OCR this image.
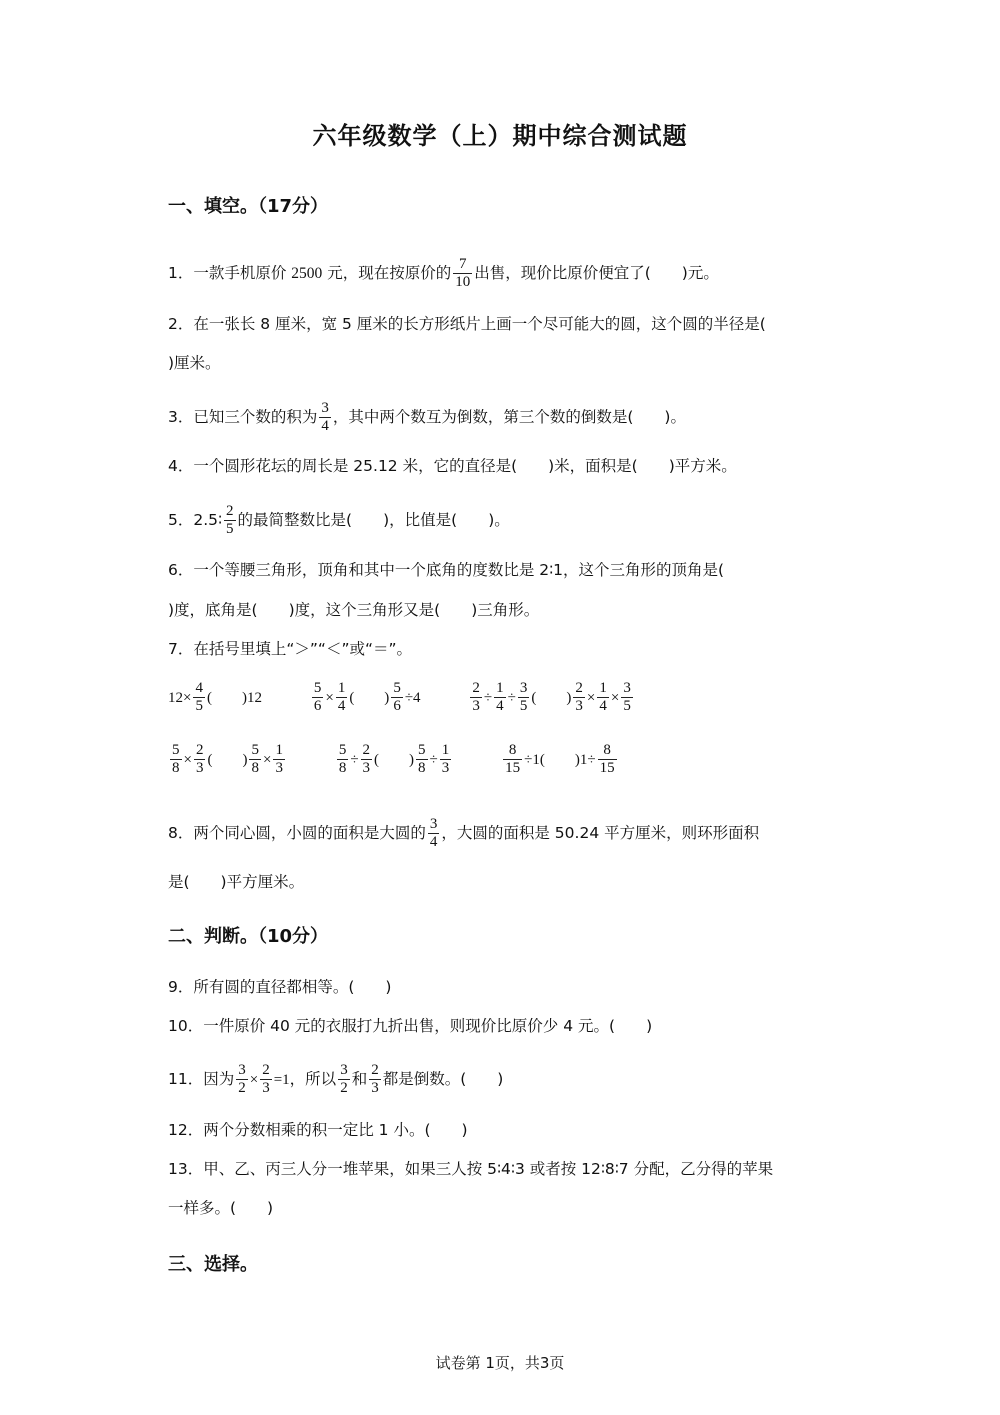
六年级数学（上）期中综合测试题
一、填空。（17分）
1．一款手机原价 2500 元，现在按原价的 $\frac{7}{10}$ 出售，现价比原价便宜了(　　)元。
2．在一张长 8 厘米，宽 5 厘米的长方形纸片上画一个尽可能大的圆，这个圆的半径是(
)厘米。
3．已知三个数的积为 $\frac{3}{4}$ ，其中两个数互为倒数，第三个数的倒数是(　　)。
4．一个圆形花坛的周长是 25.12 米，它的直径是(　　)米，面积是(　　)平方米。
5．2.5∶ $\frac{2}{5}$ 的最简整数比是(　　)，比值是(　　)。
6．一个等腰三角形，顶角和其中一个底角的度数比是 2∶1，这个三角形的顶角是(
)度，底角是(　　)度，这个三角形又是(　　)三角形。
7．在括号里填上“＞”“＜”或“＝”。
$12\times \frac{4}{5}$ (　　)12	$\frac{5}{6} \times \frac{1}{4}$ (　　) $\frac{5}{6} \div 4$	$\frac{2}{3} \div \frac{1}{4} \div \frac{3}{5}$ (　　) $\frac{2}{3} \times \frac{1}{4} \times \frac{3}{5}$
$\frac{5}{8} \times \frac{2}{3}$ (　　) $\frac{5}{8} \times \frac{1}{3}$
	$\frac{5}{8} \div \frac{2}{3}$ (　　) $\frac{5}{8} \div \frac{1}{3}$
	$\frac{8}{15} \div 1$(　　)$1\div \frac{8}{15}$
8．两个同心圆，小圆的面积是大圆的 $\frac{3}{4}$ ，大圆的面积是 50.24 平方厘米，则环形面积
是(　　)平方厘米。
二、判断。（10分）
9．所有圆的直径都相等。(　　)
10．一件原价 40 元的衣服打九折出售，则现价比原价少 4 元。(　　)
11．因为 $\frac{3}{2} \times \frac{2}{3} =1$，所以 $\frac{3}{2}$ 和 $\frac{2}{3}$ 都是倒数。(　　)
12．两个分数相乘的积一定比 1 小。(　　)
13．甲、乙、丙三人分一堆苹果，如果三人按 5∶4∶3 或者按 12∶8∶7 分配，乙分得的苹果
一样多。(　　)
三、选择。
试卷第 1页，共3页
